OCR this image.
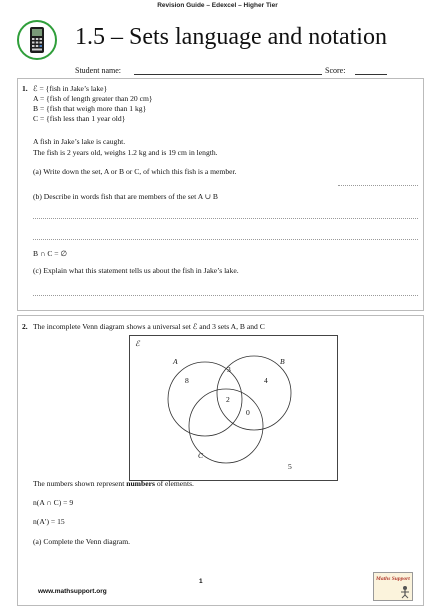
Revision Guide – Edexcel – Higher Tier
1.5 – Sets language and notation
Student name:	Score:
1. ℰ = {fish in Jake’s lake}
A = {fish of length greater than 20 cm}
B = {fish that weigh more than 1 kg}
C = {fish less than 1 year old}
A fish in Jake’s lake is caught.
The fish is 2 years old, weighs 1.2 kg and is 19 cm in length.
(a) Write down the set, A or B or C, of which this fish is a member.
(b) Describe in words fish that are members of the set A ∪ B
B ∩ C = ∅
(c) Explain what this statement tells us about the fish in Jake’s lake.
2. The incomplete Venn diagram shows a universal set ℰ and 3 sets A, B and C
ℰ
A	B
C
8
3
4
2
0
5
The numbers shown represent numbers of elements.
n(A ∩ C) = 9
n(A′) = 15
(a) Complete the Venn diagram.
www.mathsupport.org
1	Maths Support
